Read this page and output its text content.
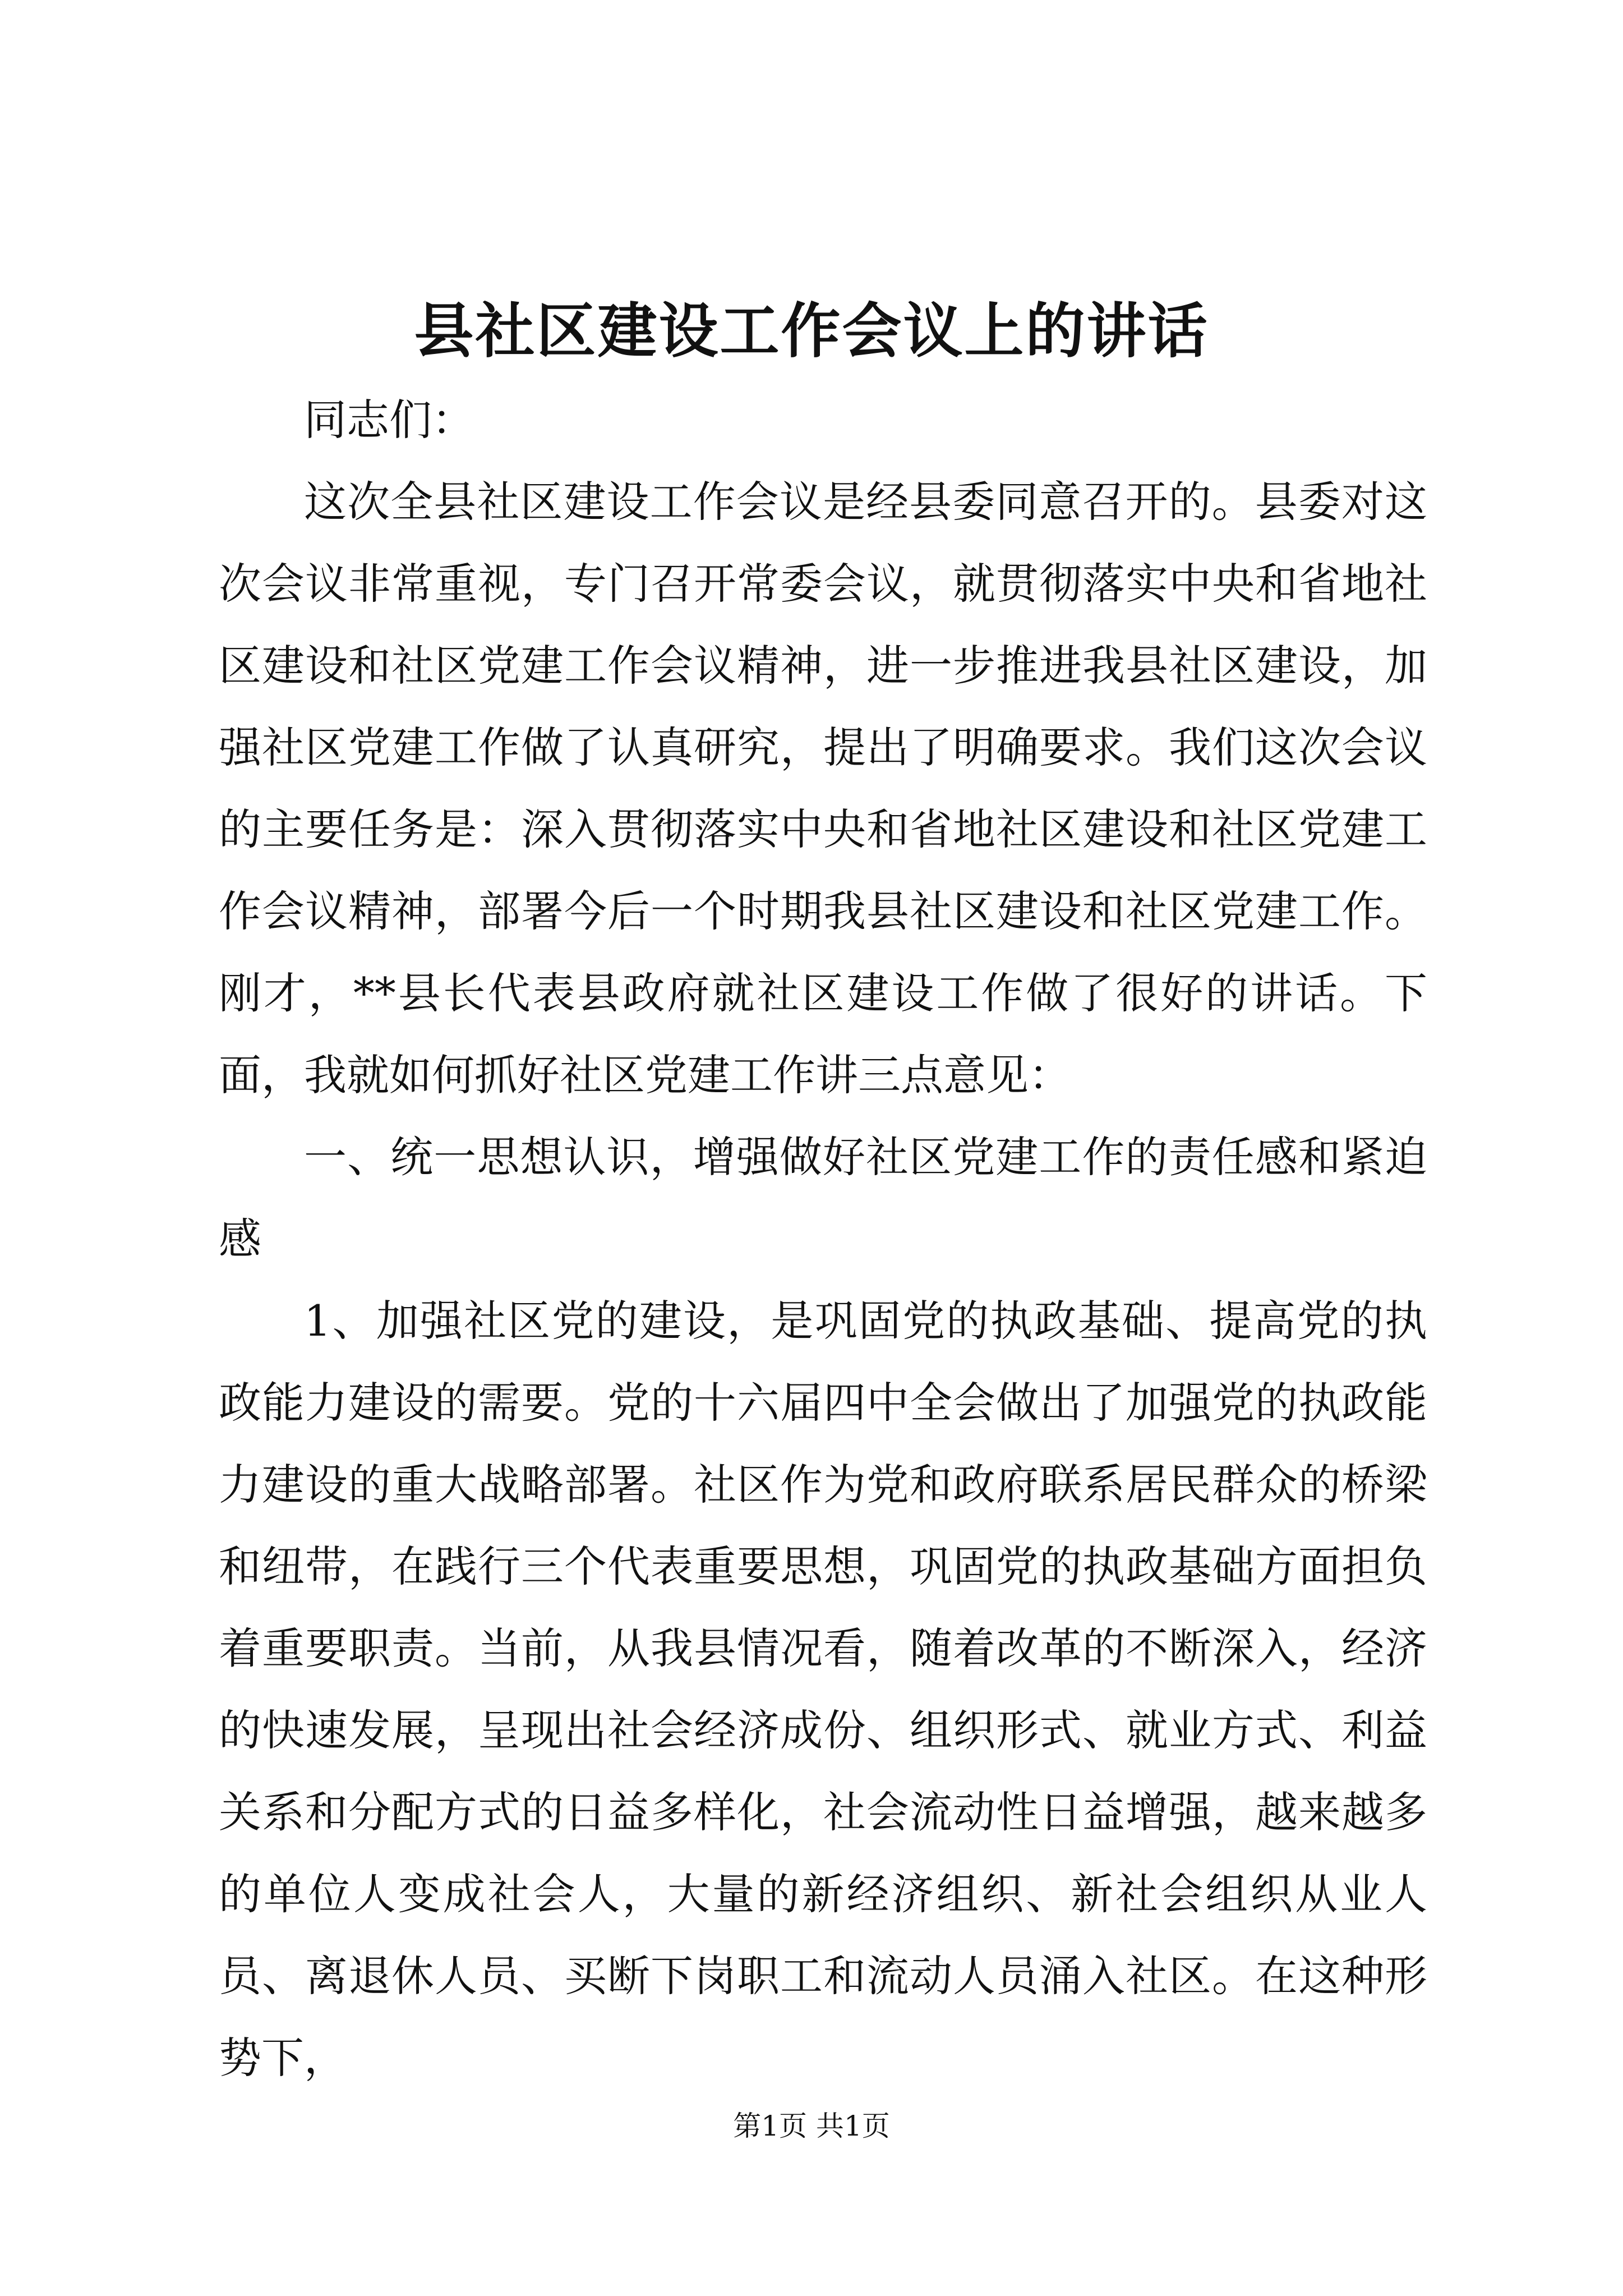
县社区建设工作会议上的讲话

同志们：

这次全县社区建设工作会议是经县委同意召开的。县委对这次会议非常重视，专门召开常委会议，就贯彻落实中央和省地社区建设和社区党建工作会议精神，进一步推进我县社区建设，加强社区党建工作做了认真研究，提出了明确要求。我们这次会议的主要任务是：深入贯彻落实中央和省地社区建设和社区党建工作会议精神，部署今后一个时期我县社区建设和社区党建工作。刚才，**县长代表县政府就社区建设工作做了很好的讲话。下面，我就如何抓好社区党建工作讲三点意见：

一、统一思想认识，增强做好社区党建工作的责任感和紧迫感

1、加强社区党的建设，是巩固党的执政基础、提高党的执政能力建设的需要。党的十六届四中全会做出了加强党的执政能力建设的重大战略部署。社区作为党和政府联系居民群众的桥梁和纽带，在践行三个代表重要思想，巩固党的执政基础方面担负着重要职责。当前，从我县情况看，随着改革的不断深入，经济的快速发展，呈现出社会经济成份、组织形式、就业方式、利益关系和分配方式的日益多样化，社会流动性日益增强，越来越多的单位人变成社会人，大量的新经济组织、新社会组织从业人员、离退休人员、买断下岗职工和流动人员涌入社区。在这种形势下，

第1页 共1页
